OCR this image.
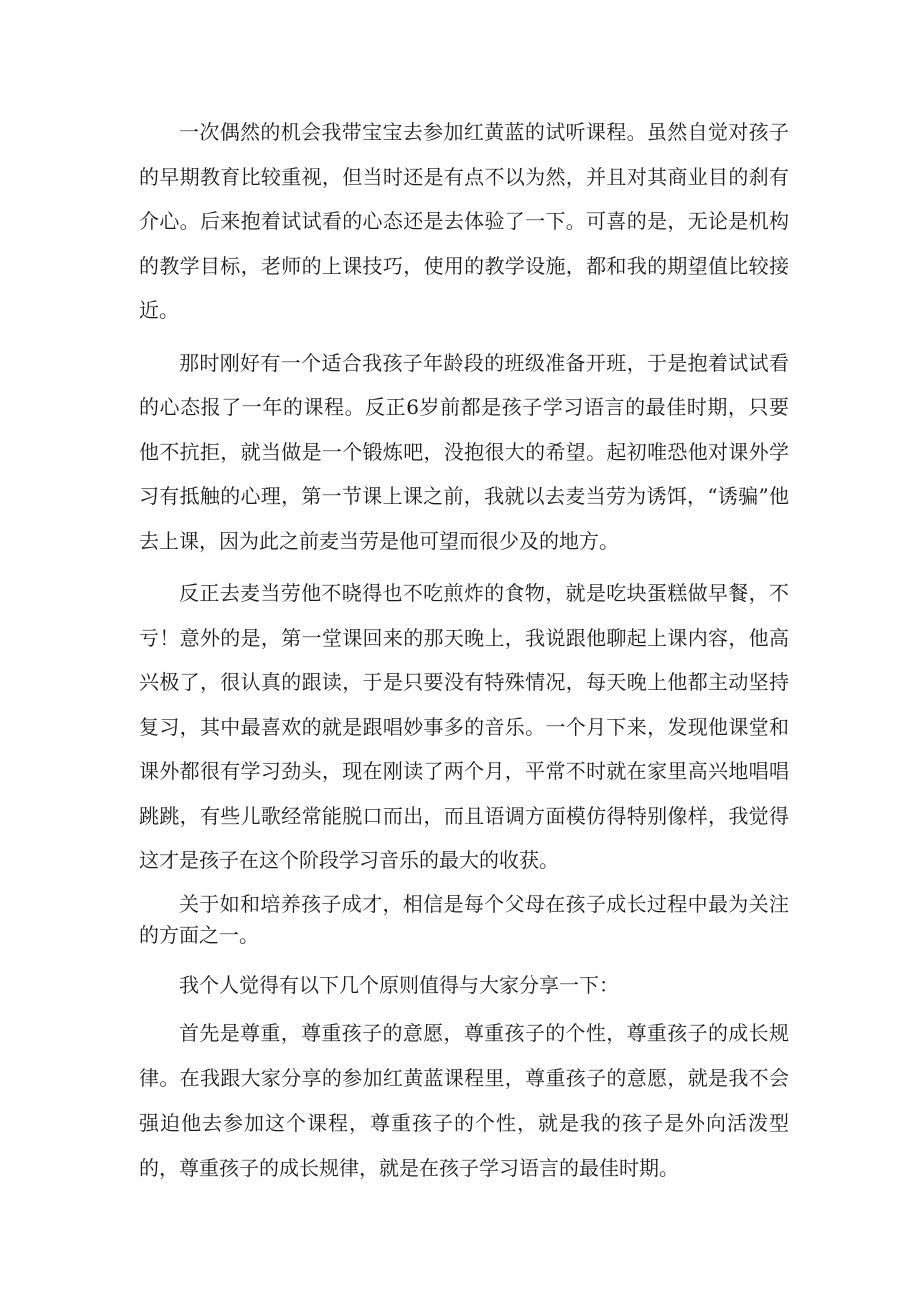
一次偶然的机会我带宝宝去参加红黄蓝的试听课程。虽然自觉对孩子的早期教育比较重视，但当时还是有点不以为然，并且对其商业目的刹有介心。后来抱着试试看的心态还是去体验了一下。可喜的是，无论是机构的教学目标，老师的上课技巧，使用的教学设施，都和我的期望值比较接近。

那时刚好有一个适合我孩子年龄段的班级准备开班，于是抱着试试看的心态报了一年的课程。反正6岁前都是孩子学习语言的最佳时期，只要他不抗拒，就当做是一个锻炼吧，没抱很大的希望。起初唯恐他对课外学习有抵触的心理，第一节课上课之前，我就以去麦当劳为诱饵，“诱骗”他去上课，因为此之前麦当劳是他可望而很少及的地方。

反正去麦当劳他不晓得也不吃煎炸的食物，就是吃块蛋糕做早餐，不亏！意外的是，第一堂课回来的那天晚上，我说跟他聊起上课内容，他高兴极了，很认真的跟读，于是只要没有特殊情况，每天晚上他都主动坚持复习，其中最喜欢的就是跟唱妙事多的音乐。一个月下来，发现他课堂和课外都很有学习劲头，现在刚读了两个月，平常不时就在家里高兴地唱唱跳跳，有些儿歌经常能脱口而出，而且语调方面模仿得特别像样，我觉得这才是孩子在这个阶段学习音乐的最大的收获。

关于如和培养孩子成才，相信是每个父母在孩子成长过程中最为关注的方面之一。

我个人觉得有以下几个原则值得与大家分享一下：

首先是尊重，尊重孩子的意愿，尊重孩子的个性，尊重孩子的成长规律。在我跟大家分享的参加红黄蓝课程里，尊重孩子的意愿，就是我不会强迫他去参加这个课程，尊重孩子的个性，就是我的孩子是外向活泼型的，尊重孩子的成长规律，就是在孩子学习语言的最佳时期。
